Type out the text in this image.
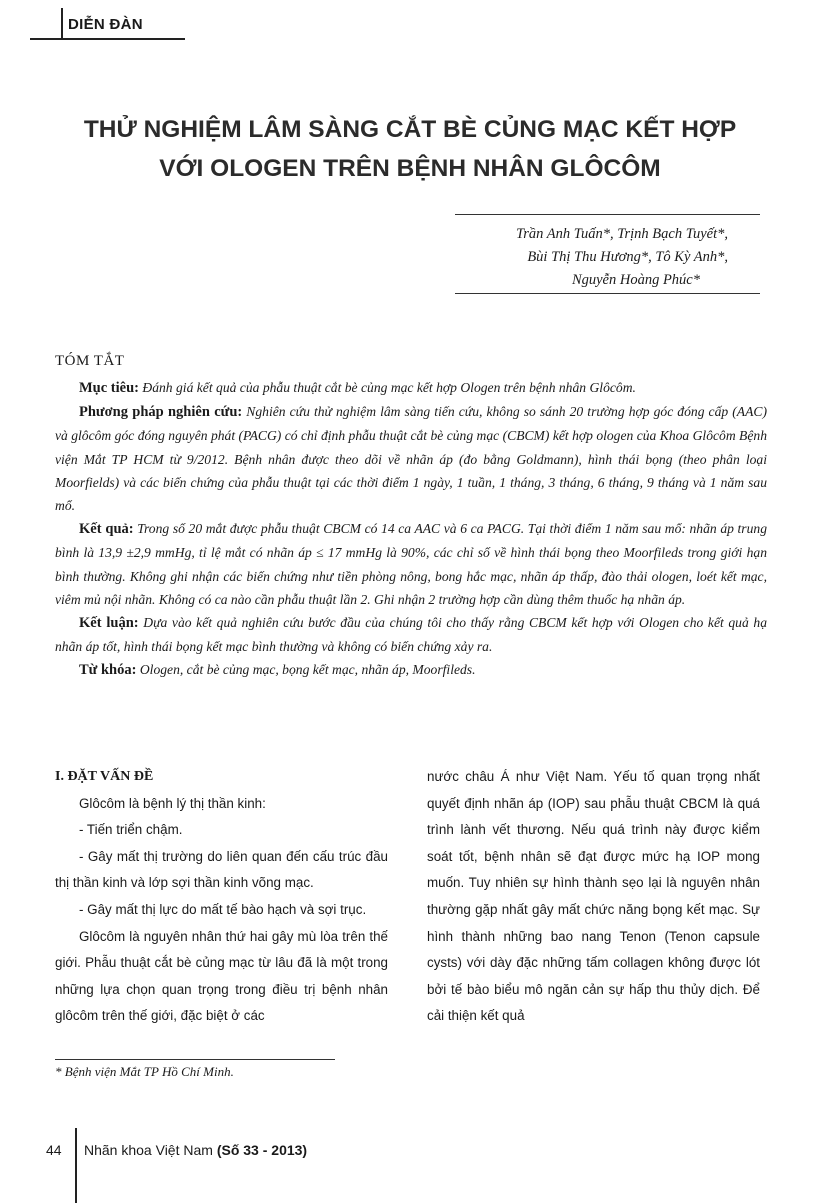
DIỄN ĐÀN
THỬ NGHIỆM LÂM SÀNG CẮT BÈ CỦNG MẠC KẾT HỢP
VỚI OLOGEN TRÊN BỆNH NHÂN GLÔCÔM
Trần Anh Tuấn*, Trịnh Bạch Tuyết*,
Bùi Thị Thu Hương*, Tô Kỳ Anh*,
Nguyễn Hoàng Phúc*
TÓM TẮT

Mục tiêu: Đánh giá kết quả của phẫu thuật cắt bè củng mạc kết hợp Ologen trên bệnh nhân Glôcôm.

Phương pháp nghiên cứu: Nghiên cứu thử nghiệm lâm sàng tiến cứu, không so sánh 20 trường hợp góc đóng cấp (AAC) và glôcôm góc đóng nguyên phát (PACG) có chỉ định phẫu thuật cắt bè củng mạc (CBCM) kết hợp ologen của Khoa Glôcôm Bệnh viện Mắt TP HCM từ 9/2012. Bệnh nhân được theo dõi về nhãn áp (đo bằng Goldmann), hình thái bọng (theo phân loại Moorfields) và các biến chứng của phẫu thuật tại các thời điểm 1 ngày, 1 tuần, 1 tháng, 3 tháng, 6 tháng, 9 tháng và 1 năm sau mổ.

Kết quả: Trong số 20 mắt được phẫu thuật CBCM có 14 ca AAC và 6 ca PACG. Tại thời điểm 1 năm sau mổ: nhãn áp trung bình là 13,9 ±2,9 mmHg, tỉ lệ mắt có nhãn áp ≤ 17 mmHg là 90%, các chỉ số về hình thái bọng theo Moorfileds trong giới hạn bình thường. Không ghi nhận các biến chứng như tiền phòng nông, bong hắc mạc, nhãn áp thấp, đào thải ologen, loét kết mạc, viêm mủ nội nhãn. Không có ca nào cần phẫu thuật lần 2. Ghi nhận 2 trường hợp cần dùng thêm thuốc hạ nhãn áp.

Kết luận: Dựa vào kết quả nghiên cứu bước đầu của chúng tôi cho thấy rằng CBCM kết hợp với Ologen cho kết quả hạ nhãn áp tốt, hình thái bọng kết mạc bình thường và không có biến chứng xảy ra.

Từ khóa: Ologen, cắt bè củng mạc, bọng kết mạc, nhãn áp, Moorfileds.

I. ĐẶT VẤN ĐỀ

Glôcôm là bệnh lý thị thần kinh:

- Tiến triển chậm.

- Gây mất thị trường do liên quan đến cấu trúc đầu thị thần kinh và lớp sợi thần kinh võng mạc.

- Gây mất thị lực do mất tế bào hạch và sợi trục.

Glôcôm là nguyên nhân thứ hai gây mù lòa trên thế giới. Phẫu thuật cắt bè củng mạc từ lâu đã là một trong những lựa chọn quan trọng trong điều trị bệnh nhân glôcôm trên thế giới, đặc biệt ở các

nước châu Á như Việt Nam. Yếu tố quan trọng nhất quyết định nhãn áp (IOP) sau phẫu thuật CBCM là quá trình lành vết thương. Nếu quá trình này được kiểm soát tốt, bệnh nhân sẽ đạt được mức hạ IOP mong muốn. Tuy nhiên sự hình thành sẹo lại là nguyên nhân thường gặp nhất gây mất chức năng bọng kết mạc. Sự hình thành những bao nang Tenon (Tenon capsule cysts) với dày đặc những tấm collagen không được lót bởi tế bào biểu mô ngăn cản sự hấp thu thủy dịch. Để cải thiện kết quả

* Bệnh viện Mắt TP Hồ Chí Minh.
44 Nhãn khoa Việt Nam (Số 33 - 2013)
